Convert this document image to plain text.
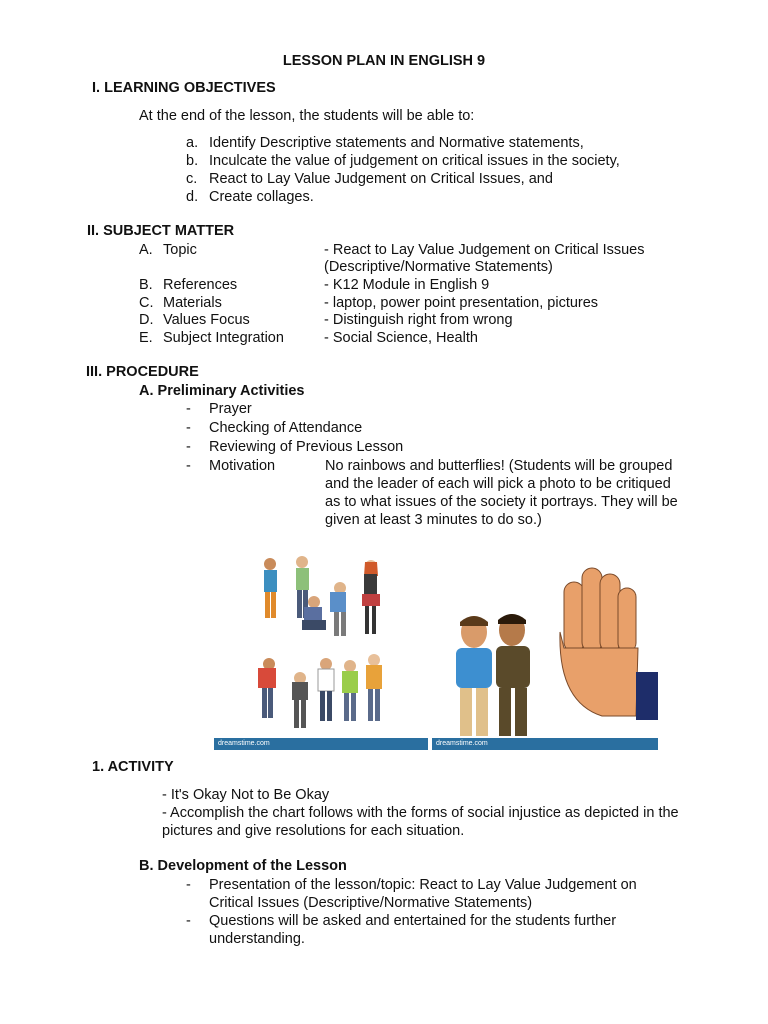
LESSON PLAN IN ENGLISH 9
I. LEARNING OBJECTIVES
At the end of the lesson, the students will be able to:
a. Identify Descriptive statements and Normative statements,
b. Inculcate the value of judgement on critical issues in the society,
c. React to Lay Value Judgement on Critical Issues, and
d. Create collages.
II. SUBJECT MATTER
A. Topic	- React to Lay Value Judgement on Critical Issues
(Descriptive/Normative Statements)
B. References	- K12 Module in English 9
C. Materials	- laptop, power point presentation, pictures
D. Values Focus	- Distinguish right from wrong
E. Subject Integration	- Social Science, Health
III. PROCEDURE
A. Preliminary Activities
- Prayer
- Checking of Attendance
- Reviewing of Previous Lesson
- Motivation	No rainbows and butterflies! (Students will be grouped and the leader of each will pick a photo to be critiqued as to what issues of the society it portrays. They will be given at least 3 minutes to do so.)
dreamstime.com	dreamstime.com
1. ACTIVITY
- It's Okay Not to Be Okay
- Accomplish the chart follows with the forms of social injustice as depicted in the pictures and give resolutions for each situation.
B. Development of the Lesson
- Presentation of the lesson/topic: React to Lay Value Judgement on Critical Issues (Descriptive/Normative Statements)
- Questions will be asked and entertained for the students further understanding.
